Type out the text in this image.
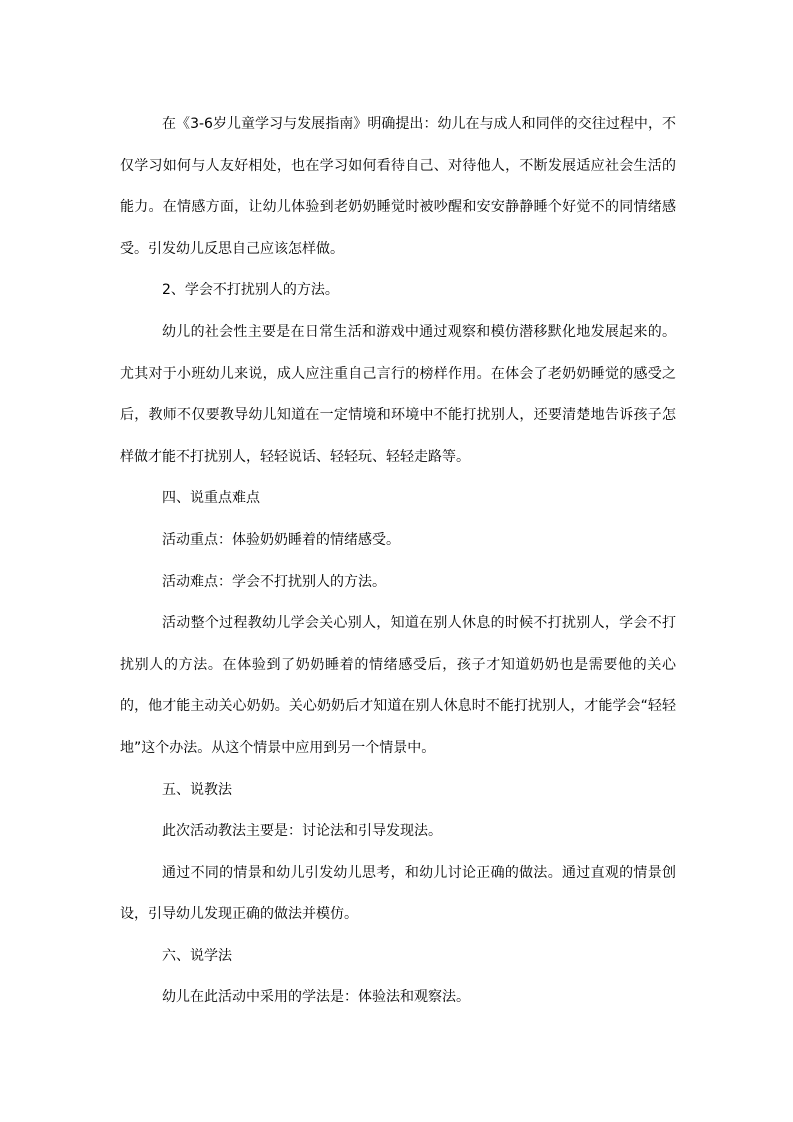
在《3-6岁儿童学习与发展指南》明确提出：幼儿在与成人和同伴的交往过程中，不仅学习如何与人友好相处，也在学习如何看待自己、对待他人，不断发展适应社会生活的能力。在情感方面，让幼儿体验到老奶奶睡觉时被吵醒和安安静静睡个好觉不的同情绪感受。引发幼儿反思自己应该怎样做。

2、学会不打扰别人的方法。

幼儿的社会性主要是在日常生活和游戏中通过观察和模仿潜移默化地发展起来的。尤其对于小班幼儿来说，成人应注重自己言行的榜样作用。在体会了老奶奶睡觉的感受之后，教师不仅要教导幼儿知道在一定情境和环境中不能打扰别人，还要清楚地告诉孩子怎样做才能不打扰别人，轻轻说话、轻轻玩、轻轻走路等。

四、说重点难点

活动重点：体验奶奶睡着的情绪感受。

活动难点：学会不打扰别人的方法。

活动整个过程教幼儿学会关心别人，知道在别人休息的时候不打扰别人，学会不打扰别人的方法。在体验到了奶奶睡着的情绪感受后，孩子才知道奶奶也是需要他的关心的，他才能主动关心奶奶。关心奶奶后才知道在别人休息时不能打扰别人，才能学会“轻轻地”这个办法。从这个情景中应用到另一个情景中。

五、说教法

此次活动教法主要是：讨论法和引导发现法。

通过不同的情景和幼儿引发幼儿思考，和幼儿讨论正确的做法。通过直观的情景创设，引导幼儿发现正确的做法并模仿。

六、说学法

幼儿在此活动中采用的学法是：体验法和观察法。
